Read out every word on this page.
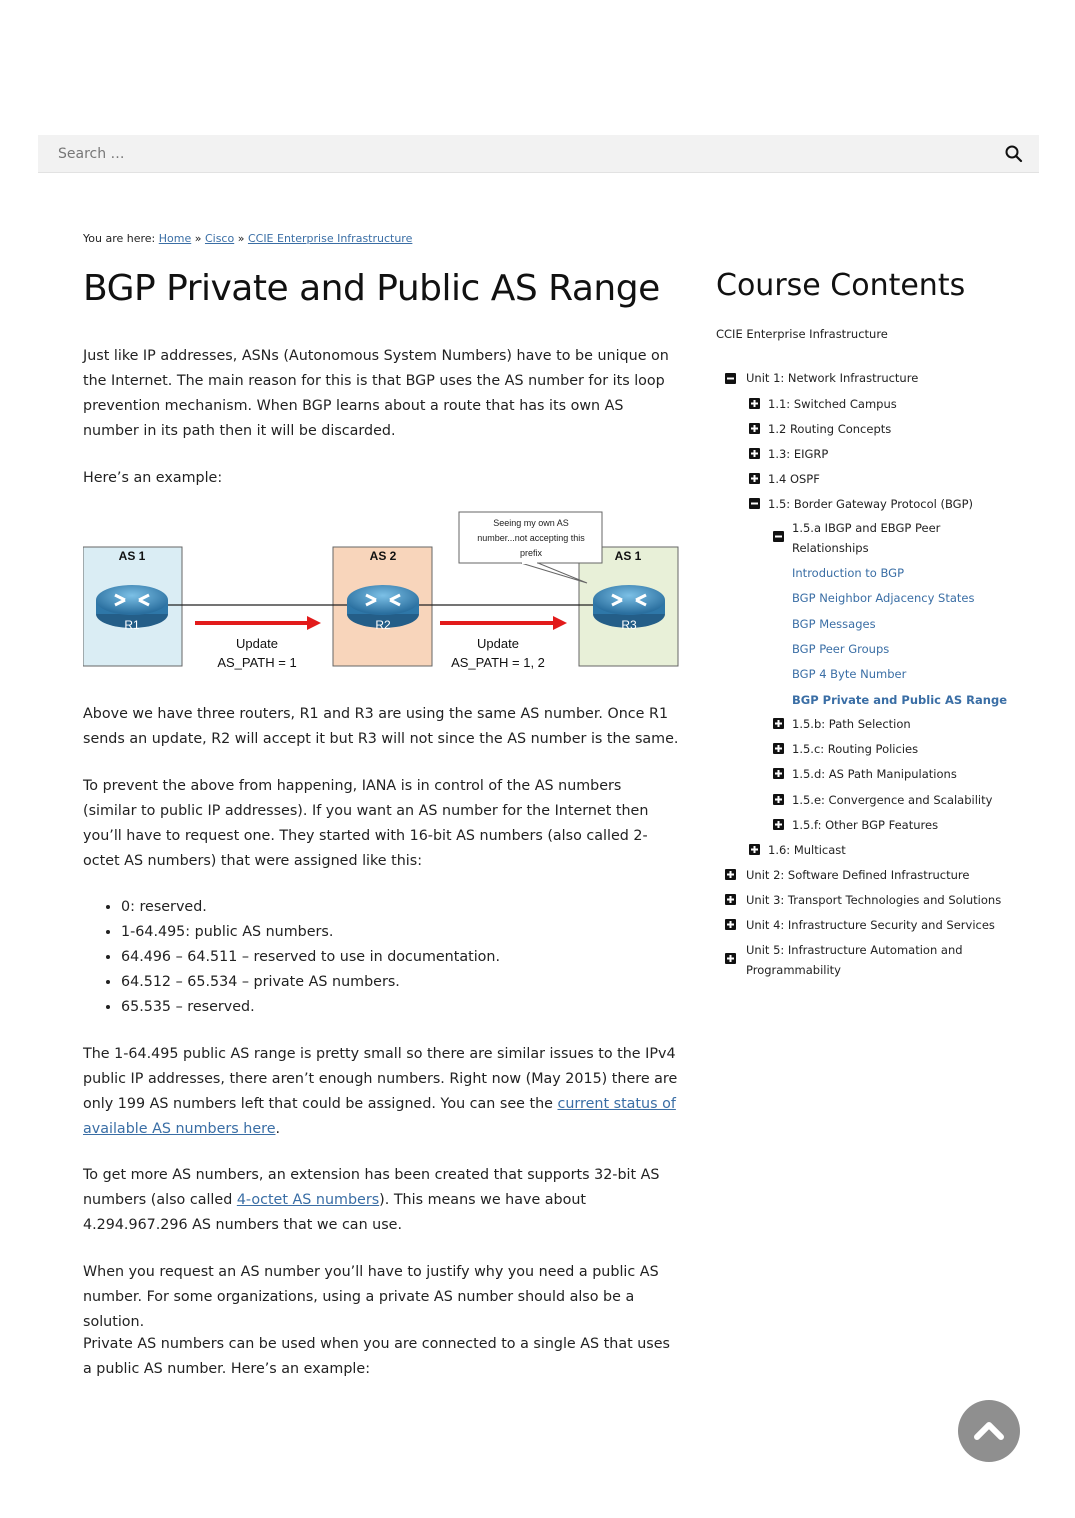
Search …
You are here: Home » Cisco » CCIE Enterprise Infrastructure
BGP Private and Public AS Range

Just like IP addresses, ASNs (Autonomous System Numbers) have to be unique on the Internet. The main reason for this is that BGP uses the AS number for its loop prevention mechanism. When BGP learns about a route that has its own AS number in its path then it will be discarded.

Here’s an example:

AS 1	AS 2	AS 1
R1	R2	R3
Update
AS_PATH = 1
Update
AS_PATH = 1, 2
Seeing my own AS
number...not accepting this
prefix

Above we have three routers, R1 and R3 are using the same AS number. Once R1 sends an update, R2 will accept it but R3 will not since the AS number is the same.

To prevent the above from happening, IANA is in control of the AS numbers (similar to public IP addresses). If you want an AS number for the Internet then you’ll have to request one. They started with 16-bit AS numbers (also called 2-octet AS numbers) that were assigned like this:

• 0: reserved.
• 1-64.495: public AS numbers.
• 64.496 – 64.511 – reserved to use in documentation.
• 64.512 – 65.534 – private AS numbers.
• 65.535 – reserved.

The 1-64.495 public AS range is pretty small so there are similar issues to the IPv4 public IP addresses, there aren’t enough numbers. Right now (May 2015) there are only 199 AS numbers left that could be assigned. You can see the current status of available AS numbers here.

To get more AS numbers, an extension has been created that supports 32-bit AS numbers (also called 4-octet AS numbers). This means we have about 4.294.967.296 AS numbers that we can use.

When you request an AS number you’ll have to justify why you need a public AS number. For some organizations, using a private AS number should also be a solution.

Private AS numbers can be used when you are connected to a single AS that uses a public AS number. Here’s an example:

Course Contents
CCIE Enterprise Infrastructure
Unit 1: Network Infrastructure
1.1: Switched Campus
1.2 Routing Concepts
1.3: EIGRP
1.4 OSPF
1.5: Border Gateway Protocol (BGP)
1.5.a IBGP and EBGP Peer Relationships
Introduction to BGP
BGP Neighbor Adjacency States
BGP Messages
BGP Peer Groups
BGP 4 Byte Number
BGP Private and Public AS Range
1.5.b: Path Selection
1.5.c: Routing Policies
1.5.d: AS Path Manipulations
1.5.e: Convergence and Scalability
1.5.f: Other BGP Features
1.6: Multicast
Unit 2: Software Defined Infrastructure
Unit 3: Transport Technologies and Solutions
Unit 4: Infrastructure Security and Services
Unit 5: Infrastructure Automation and Programmability
